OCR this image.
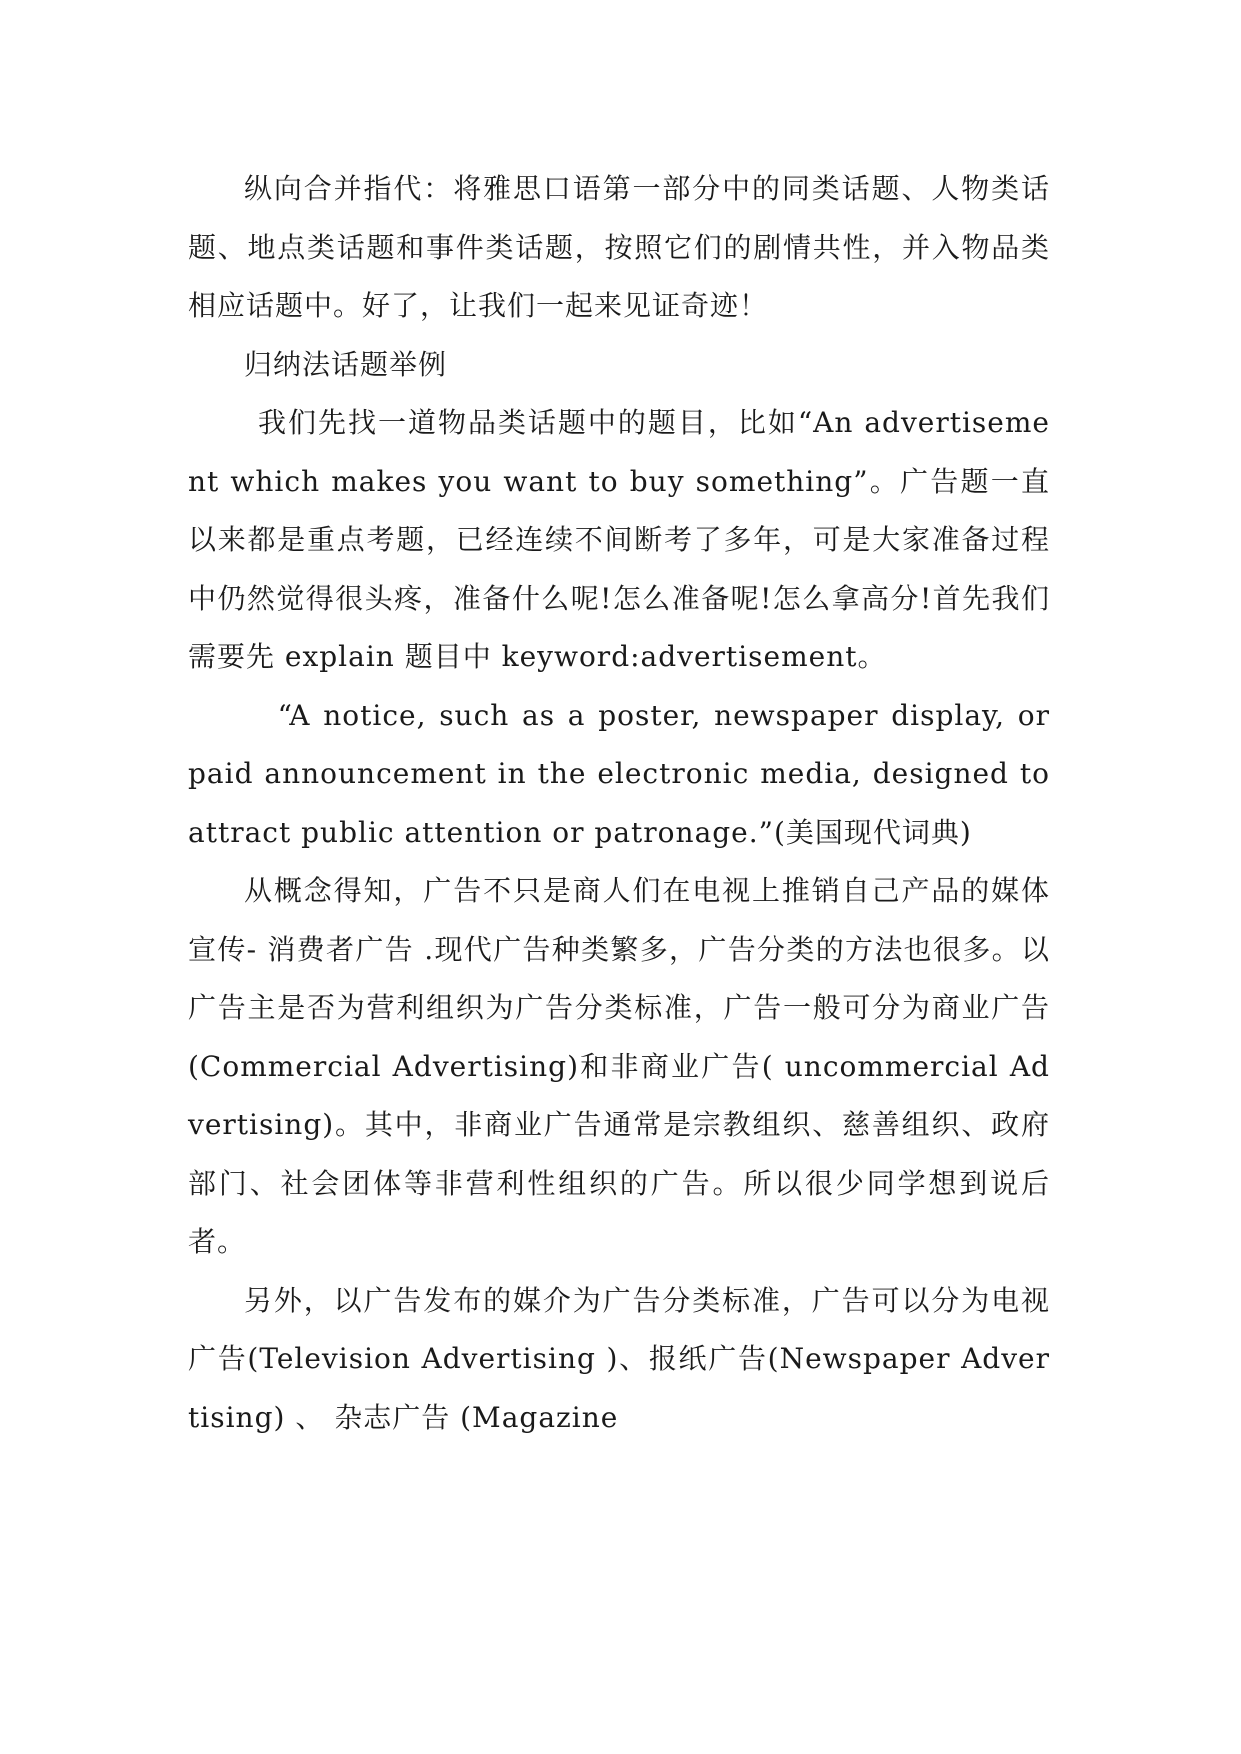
纵向合并指代：将雅思口语第一部分中的同类话题、人物类话题、地点类话题和事件类话题，按照它们的剧情共性，并入物品类相应话题中。好了，让我们一起来见证奇迹！

归纳法话题举例

我们先找一道物品类话题中的题目，比如“An advertisement which makes you want to buy something”。广告题一直以来都是重点考题，已经连续不间断考了多年，可是大家准备过程中仍然觉得很头疼，准备什么呢!怎么准备呢!怎么拿高分!首先我们需要先 explain 题目中 keyword:advertisement。

“A notice, such as a poster, newspaper display, or paid announcement in the electronic media, designed to attract public attention or patronage.”(美国现代词典)

从概念得知，广告不只是商人们在电视上推销自己产品的媒体宣传- 消费者广告 .现代广告种类繁多，广告分类的方法也很多。以广告主是否为营利组织为广告分类标准，广告一般可分为商业广告(Commercial Advertising)和非商业广告( uncommercial Advertising)。其中，非商业广告通常是宗教组织、慈善组织、政府部门、社会团体等非营利性组织的广告。所以很少同学想到说后者。

另外，以广告发布的媒介为广告分类标准，广告可以分为电视广告(Television Advertising )、报纸广告(Newspaper Advertising) 、 杂志广告 (Magazine
